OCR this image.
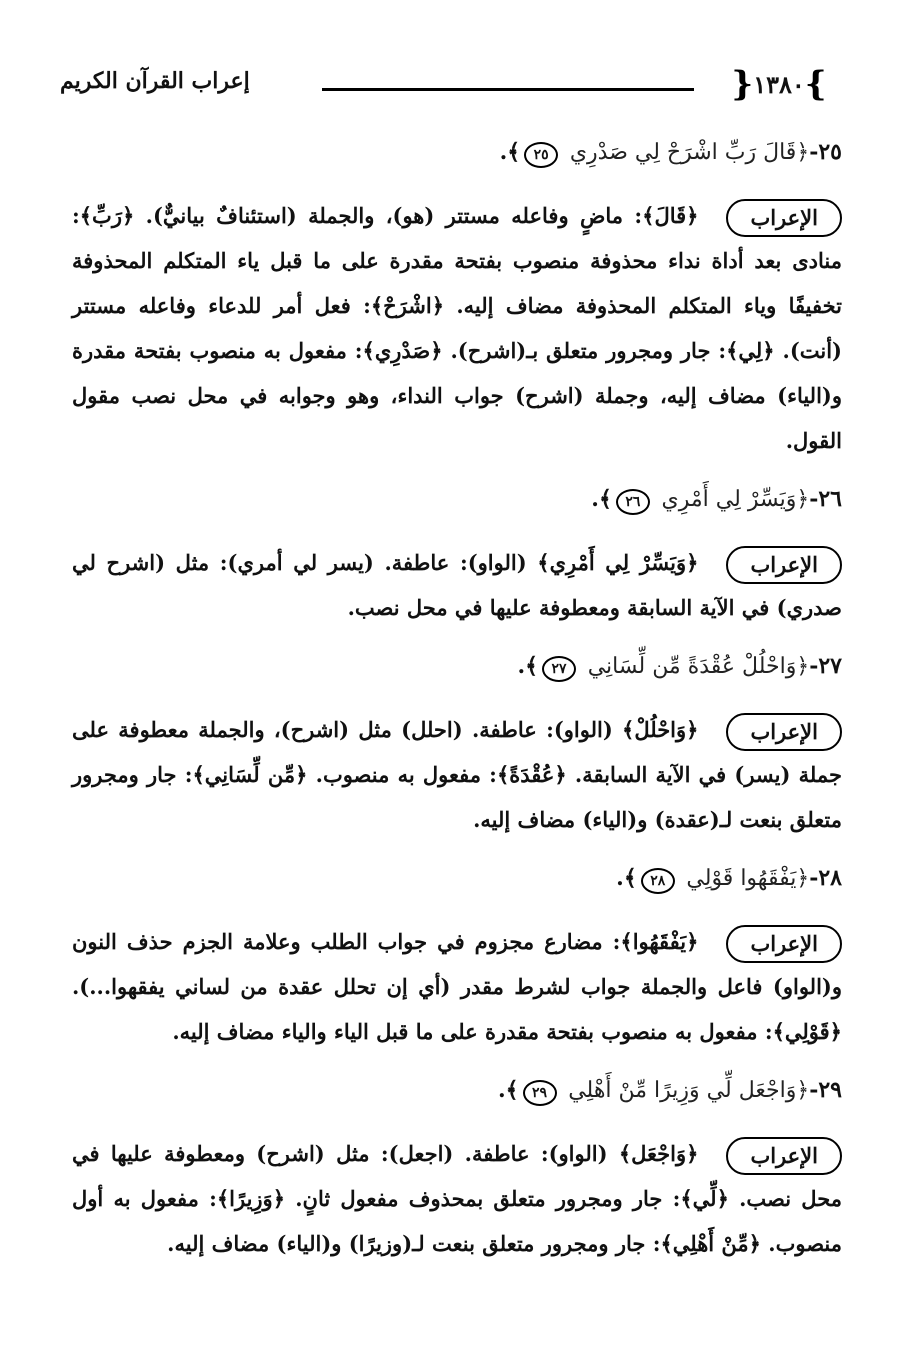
}
١٣٨٠
{
إعراب القرآن الكريم
٢٥-﴿قَالَ رَبِّ اشْرَحْ لِي صَدْرِي ٢٥﴾.
الإعراب﴿قَالَ﴾: ماضٍ وفاعله مستتر (هو)، والجملة (استئنافٌ بيانيٌّ). ﴿رَبِّ﴾: منادى بعد أداة نداء محذوفة منصوب بفتحة مقدرة على ما قبل ياء المتكلم المحذوفة تخفيفًا وياء المتكلم المحذوفة مضاف إليه. ﴿اشْرَحْ﴾: فعل أمر للدعاء وفاعله مستتر (أنت). ﴿لِي﴾: جار ومجرور متعلق بـ(اشرح). ﴿صَدْرِي﴾: مفعول به منصوب بفتحة مقدرة و(الياء) مضاف إليه، وجملة (اشرح) جواب النداء، وهو وجوابه في محل نصب مقول القول.
٢٦-﴿وَيَسِّرْ لِي أَمْرِي ٢٦﴾.
الإعراب﴿وَيَسِّرْ لِي أَمْرِي﴾ (الواو): عاطفة. (يسر لي أمري): مثل (اشرح لي صدري) في الآية السابقة ومعطوفة عليها في محل نصب.
٢٧-﴿وَاحْلُلْ عُقْدَةً مِّن لِّسَانِي ٢٧﴾.
الإعراب﴿وَاحْلُلْ﴾ (الواو): عاطفة. (احلل) مثل (اشرح)، والجملة معطوفة على جملة (يسر) في الآية السابقة. ﴿عُقْدَةً﴾: مفعول به منصوب. ﴿مِّن لِّسَانِي﴾: جار ومجرور متعلق بنعت لـ(عقدة) و(الياء) مضاف إليه.
٢٨-﴿يَفْقَهُوا قَوْلِي ٢٨﴾.
الإعراب﴿يَفْقَهُوا﴾: مضارع مجزوم في جواب الطلب وعلامة الجزم حذف النون و(الواو) فاعل والجملة جواب لشرط مقدر (أي إن تحلل عقدة من لساني يفقهوا...). ﴿قَوْلِي﴾: مفعول به منصوب بفتحة مقدرة على ما قبل الياء والياء مضاف إليه.
٢٩-﴿وَاجْعَل لِّي وَزِيرًا مِّنْ أَهْلِي ٢٩﴾.
الإعراب﴿وَاجْعَل﴾ (الواو): عاطفة. (اجعل): مثل (اشرح) ومعطوفة عليها في محل نصب. ﴿لِّي﴾: جار ومجرور متعلق بمحذوف مفعول ثانٍ. ﴿وَزِيرًا﴾: مفعول به أول منصوب. ﴿مِّنْ أَهْلِي﴾: جار ومجرور متعلق بنعت لـ(وزيرًا) و(الياء) مضاف إليه.
